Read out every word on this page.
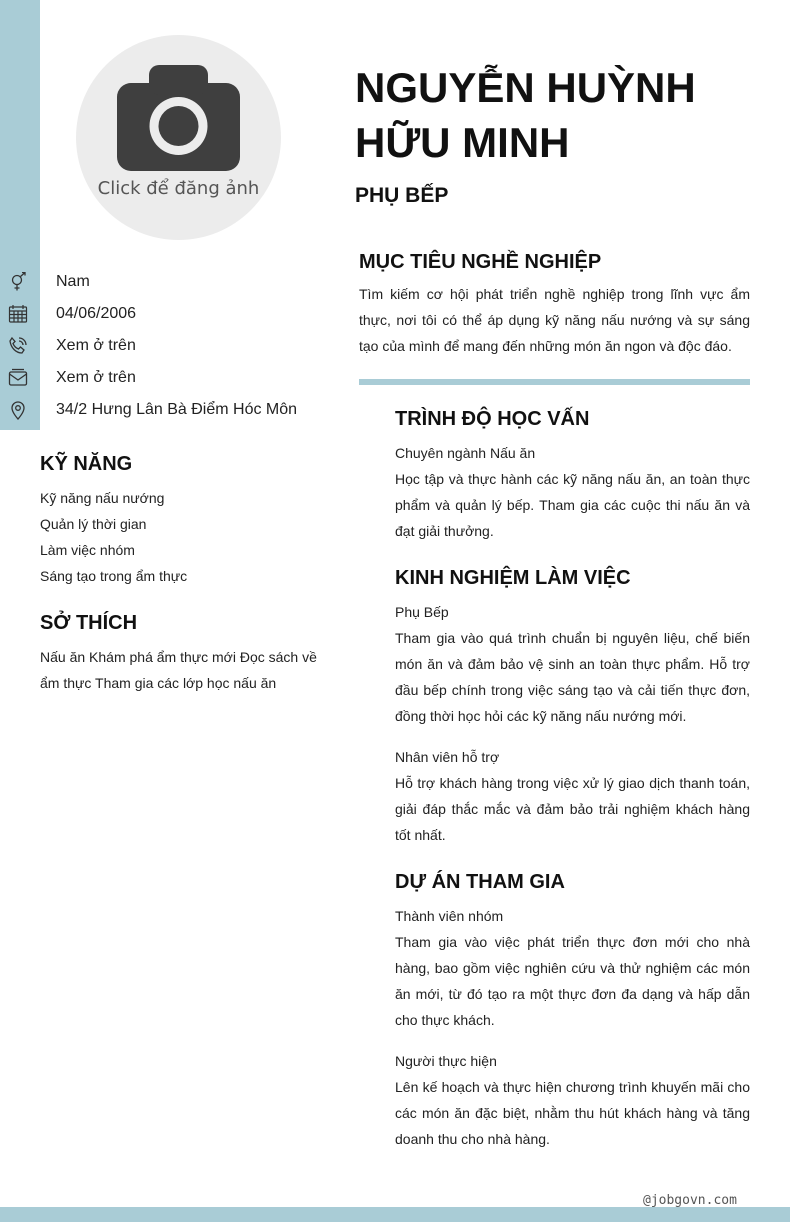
Click để đăng ảnh
Nam
04/06/2006
Xem ở trên
Xem ở trên
34/2 Hưng Lân Bà Điểm Hóc Môn
KỸ NĂNG
Kỹ năng nấu nướng
Quản lý thời gian
Làm việc nhóm
Sáng tạo trong ẩm thực
SỞ THÍCH
Nấu ăn Khám phá ẩm thực mới Đọc sách về ẩm thực Tham gia các lớp học nấu ăn
NGUYỄN HUỲNH HỮU MINH
PHỤ BẾP
MỤC TIÊU NGHỀ NGHIỆP
Tìm kiếm cơ hội phát triển nghề nghiệp trong lĩnh vực ẩm thực, nơi tôi có thể áp dụng kỹ năng nấu nướng và sự sáng tạo của mình để mang đến những món ăn ngon và độc đáo.
TRÌNH ĐỘ HỌC VẤN
Chuyên ngành Nấu ăn
Học tập và thực hành các kỹ năng nấu ăn, an toàn thực phẩm và quản lý bếp. Tham gia các cuộc thi nấu ăn và đạt giải thưởng.
KINH NGHIỆM LÀM VIỆC
Phụ Bếp
Tham gia vào quá trình chuẩn bị nguyên liệu, chế biến món ăn và đảm bảo vệ sinh an toàn thực phẩm. Hỗ trợ đầu bếp chính trong việc sáng tạo và cải tiến thực đơn, đồng thời học hỏi các kỹ năng nấu nướng mới.
Nhân viên hỗ trợ
Hỗ trợ khách hàng trong việc xử lý giao dịch thanh toán, giải đáp thắc mắc và đảm bảo trải nghiệm khách hàng tốt nhất.
DỰ ÁN THAM GIA
Thành viên nhóm
Tham gia vào việc phát triển thực đơn mới cho nhà hàng, bao gồm việc nghiên cứu và thử nghiệm các món ăn mới, từ đó tạo ra một thực đơn đa dạng và hấp dẫn cho thực khách.
Người thực hiện
Lên kế hoạch và thực hiện chương trình khuyến mãi cho các món ăn đặc biệt, nhằm thu hút khách hàng và tăng doanh thu cho nhà hàng.
@jobgovn.com
